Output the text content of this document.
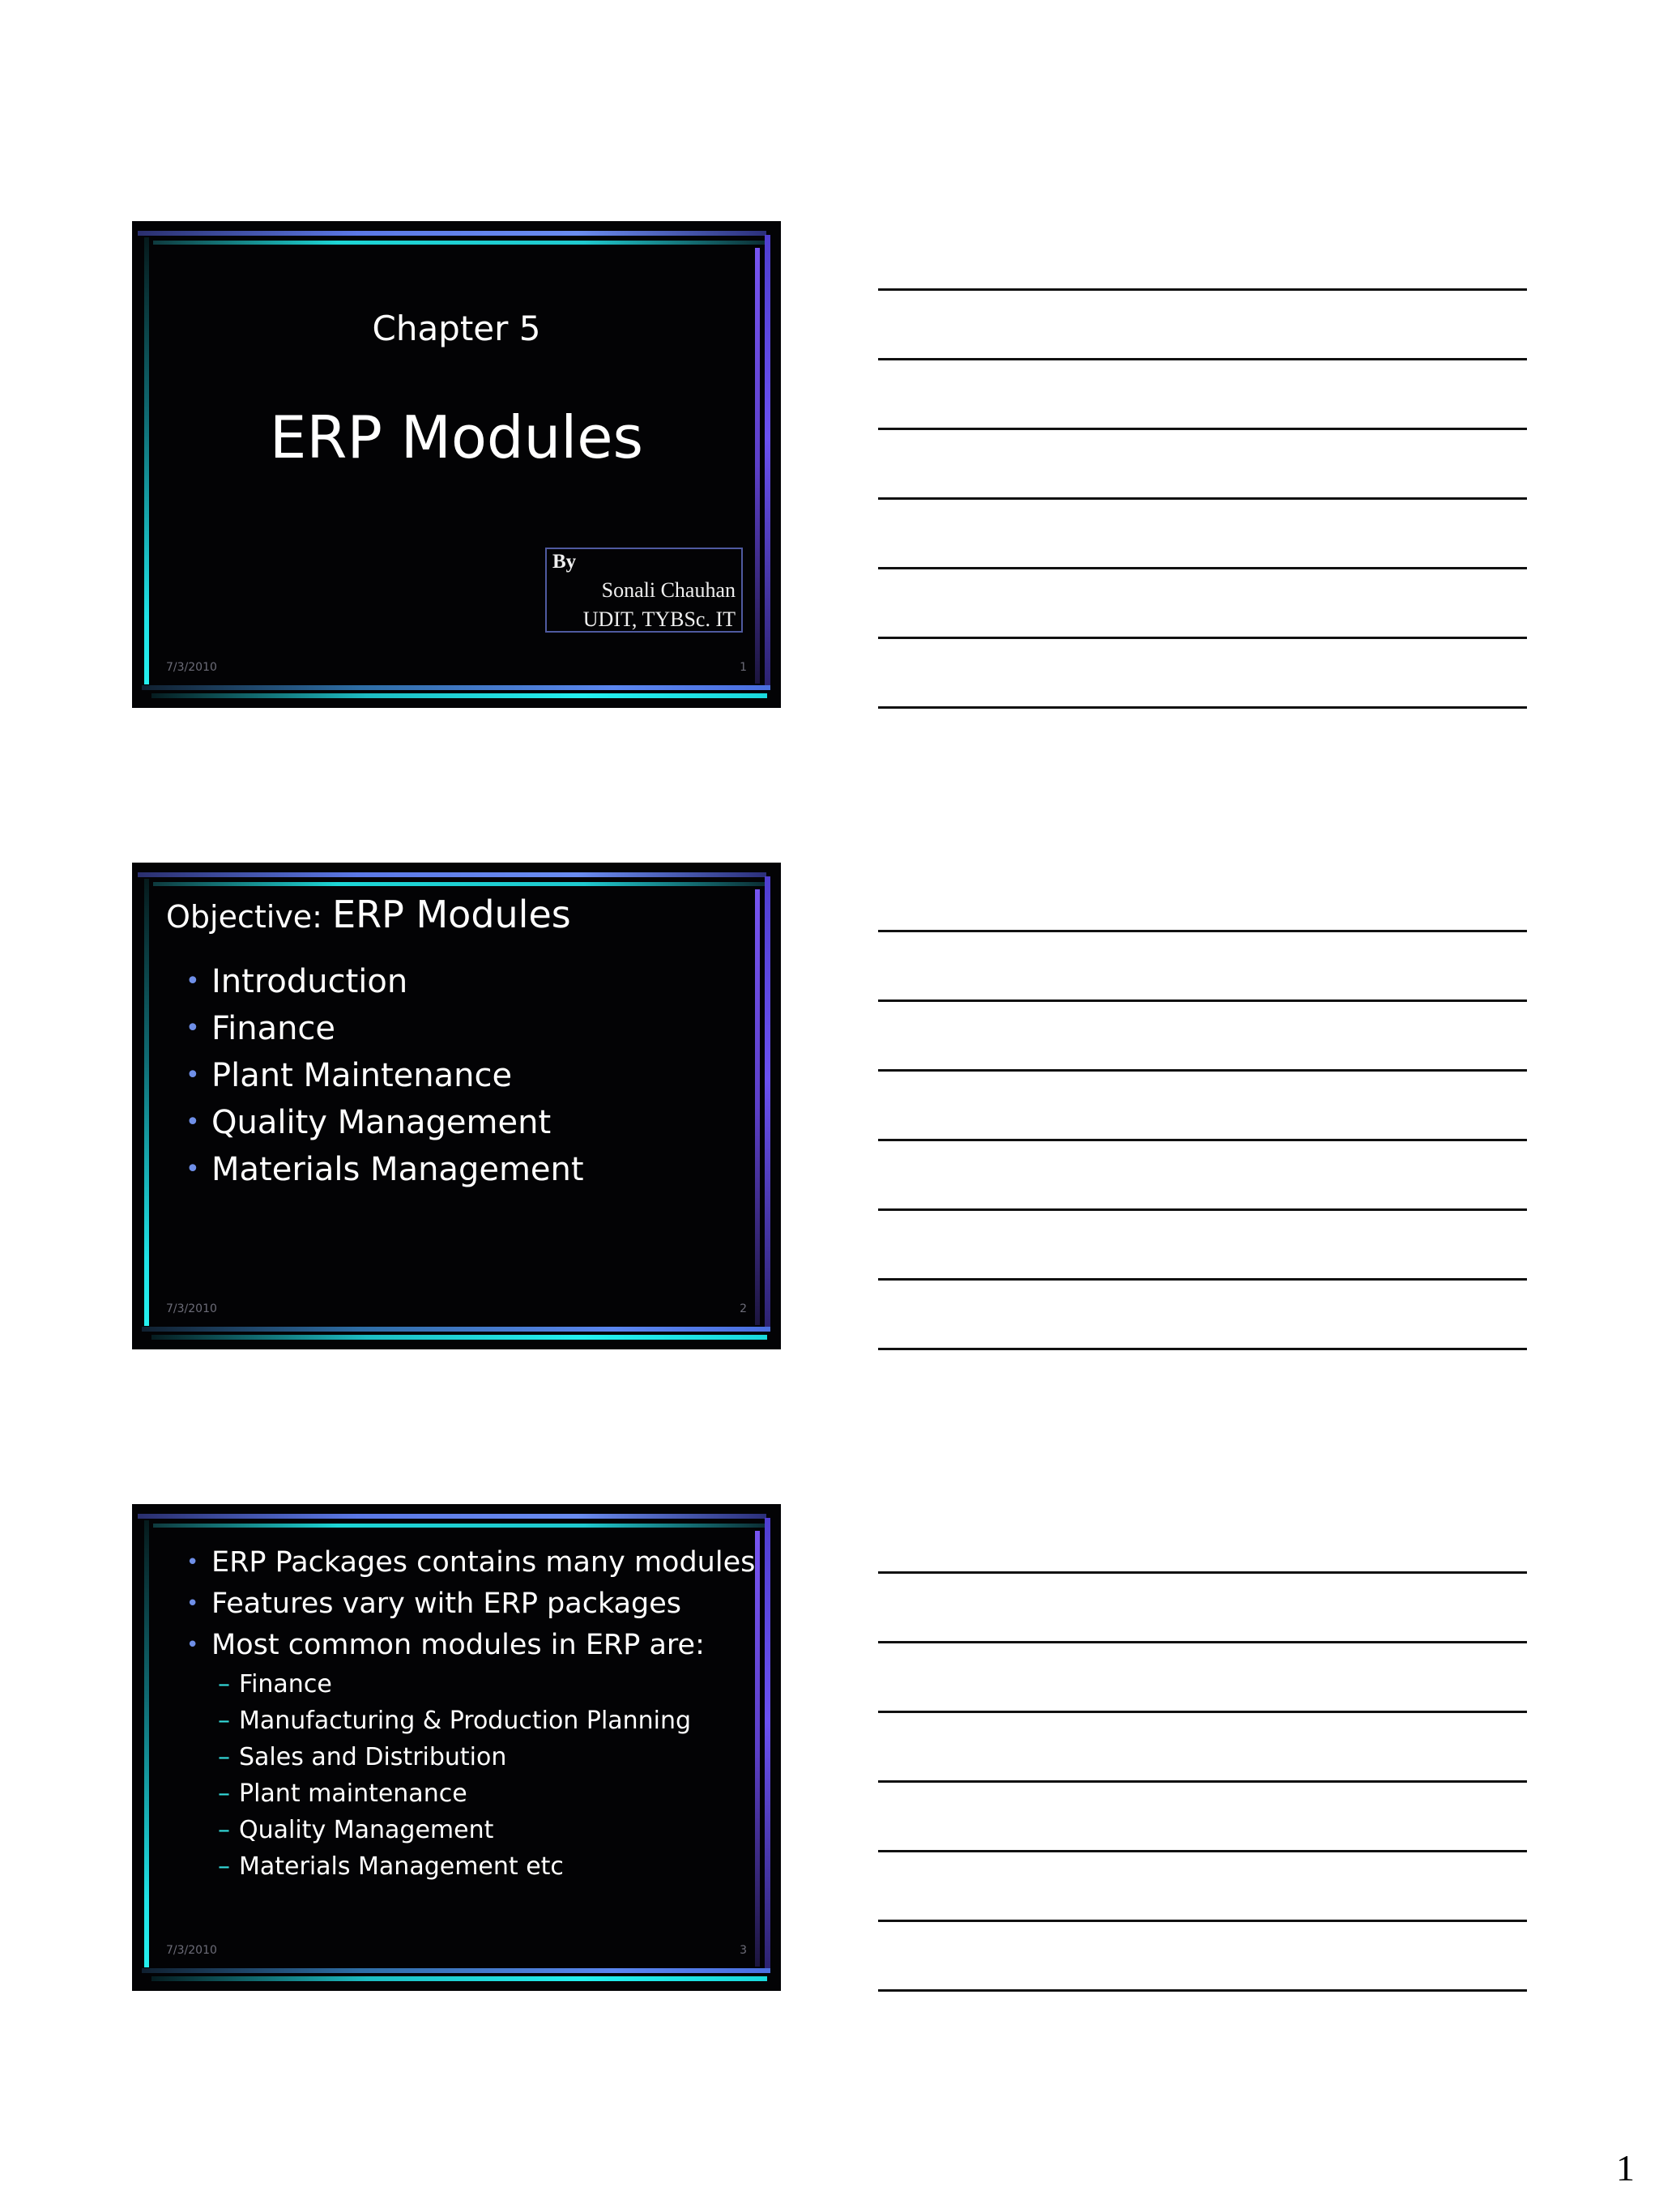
Chapter 5
ERP Modules
By
Sonali Chauhan
UDIT, TYBSc. IT
7/3/2010	1
Objective: ERP Modules
• Introduction
• Finance
• Plant Maintenance
• Quality Management
• Materials Management
7/3/2010	2
• ERP Packages contains many modules
• Features vary with ERP packages
• Most common modules in ERP are:
– Finance
– Manufacturing & Production Planning
– Sales and Distribution
– Plant maintenance
– Quality Management
– Materials Management etc
7/3/2010	3
1
